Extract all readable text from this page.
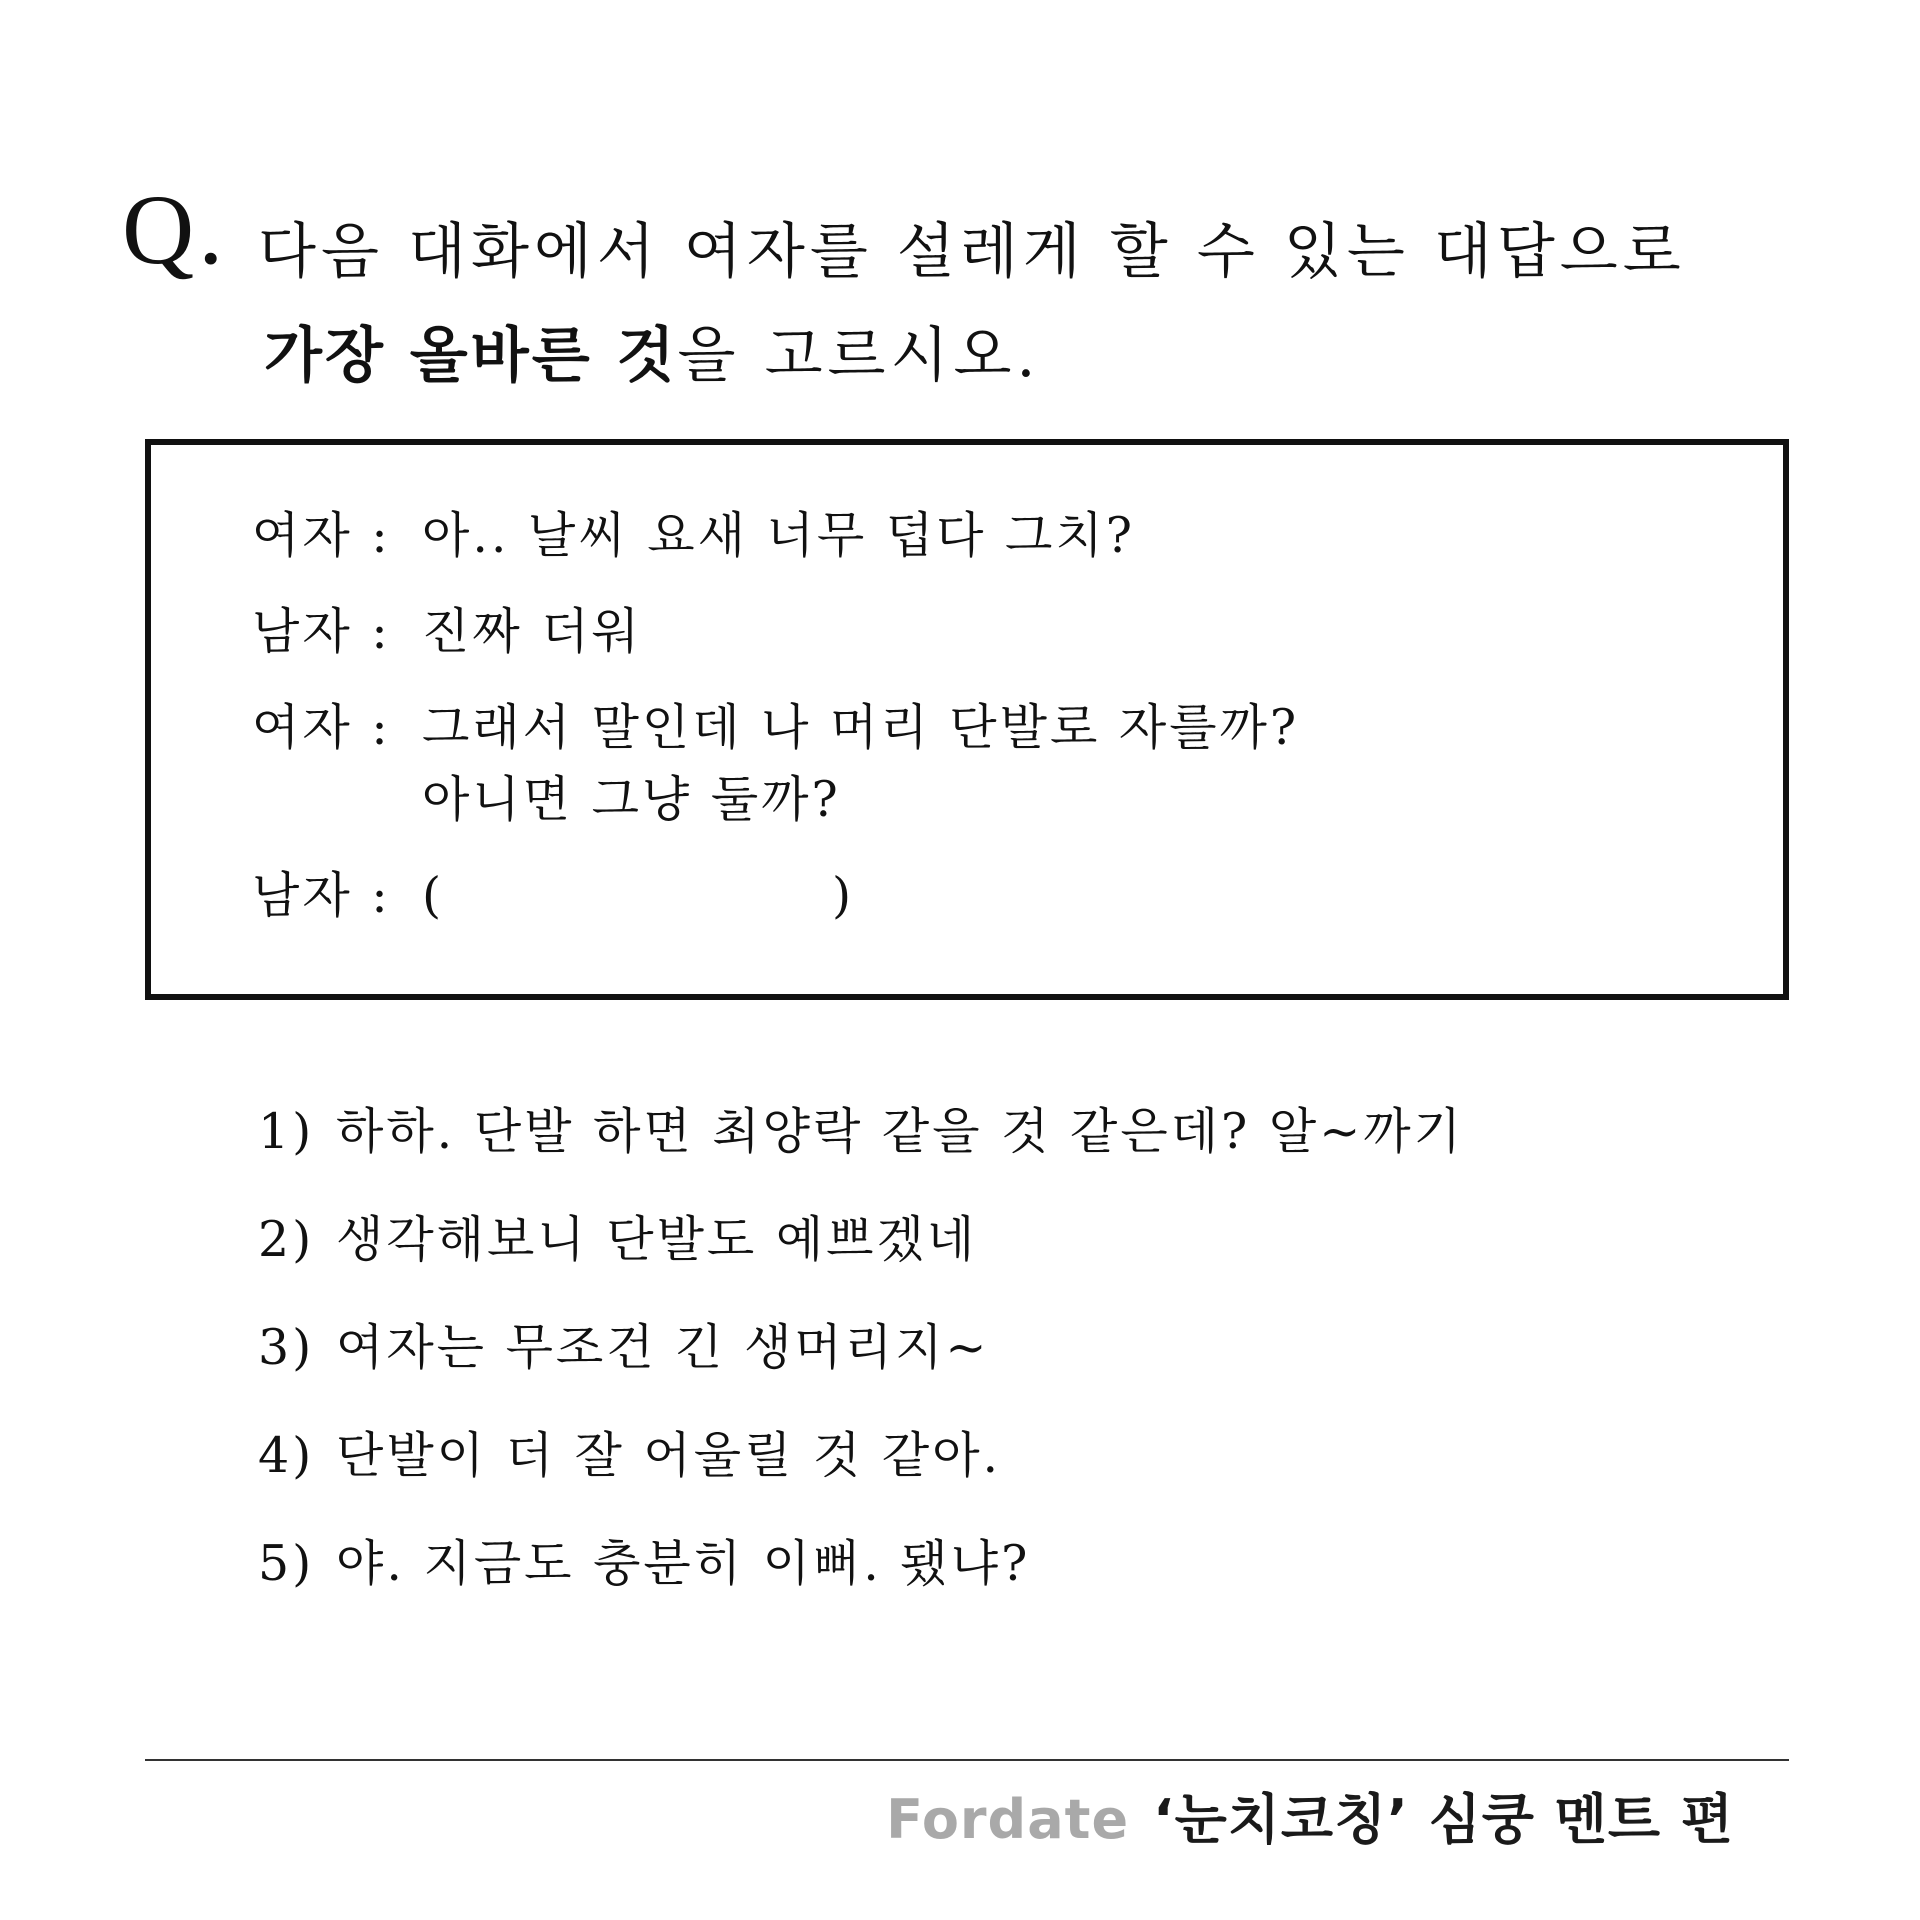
Q. 다음 대화에서 여자를 설레게 할 수 있는 대답으로
가장 올바른 것을 고르시오.
여자 : 아.. 날씨 요새 너무 덥다 그치?
남자 : 진짜 더워
여자 : 그래서 말인데 나 머리 단발로 자를까?
아니면 그냥 둘까?
남자 : (	)
1) 하하. 단발 하면 최양락 같을 것 같은데? 알~까기
2) 생각해보니 단발도 예쁘겠네
3) 여자는 무조건 긴 생머리지~
4) 단발이 더 잘 어울릴 것 같아.
5) 야. 지금도 충분히 이뻐. 됐냐?
Fordate ‘눈치코칭’ 심쿵 멘트 편
